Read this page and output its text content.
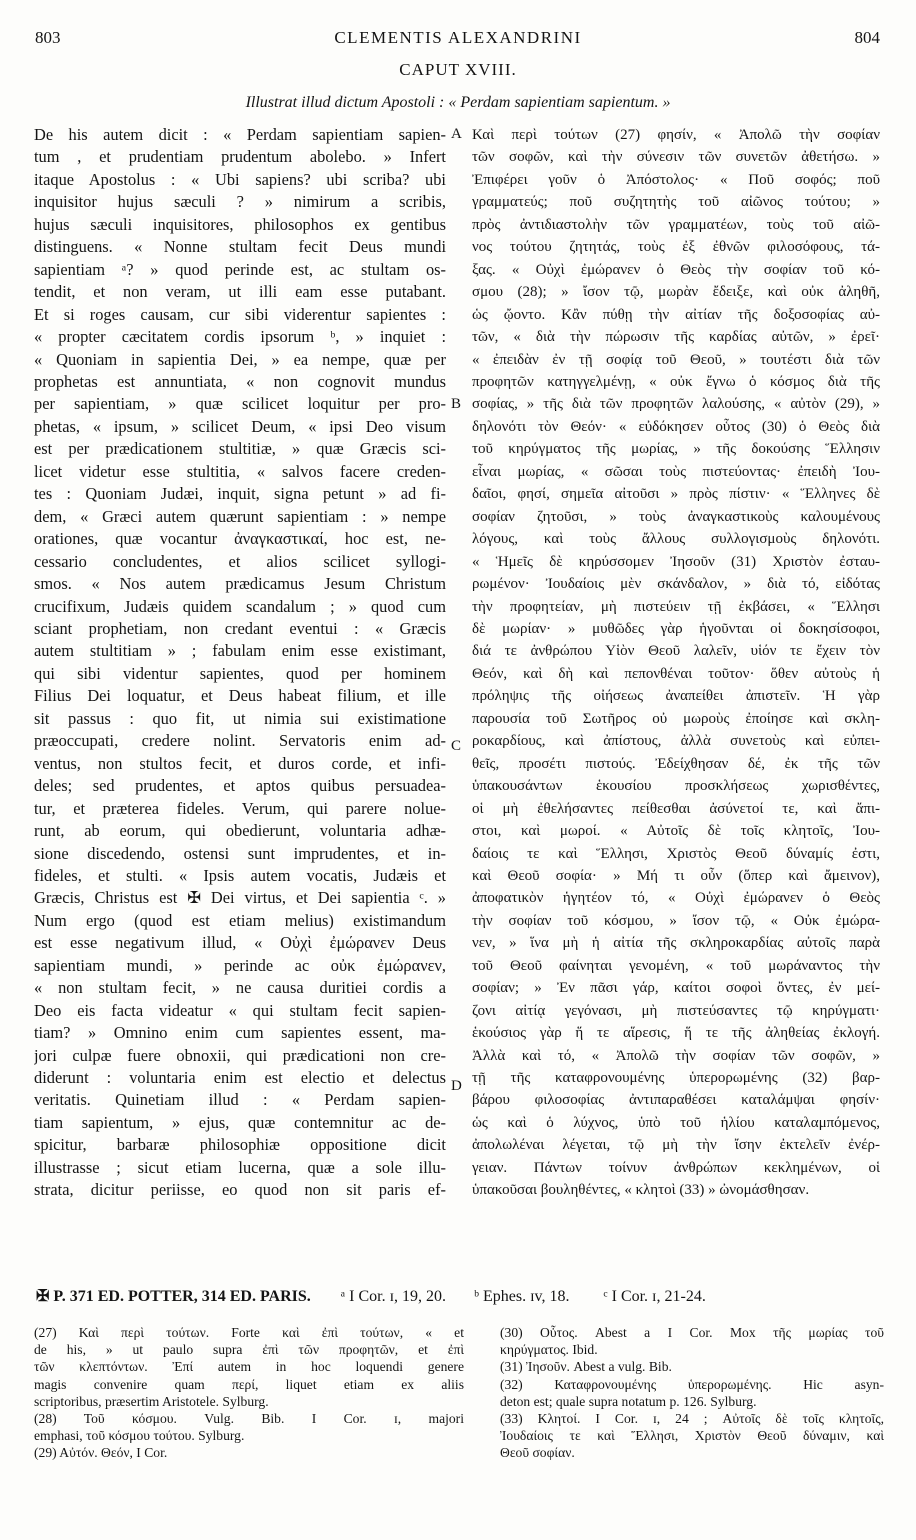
803	CLEMENTIS ALEXANDRINI	804
CAPUT XVIII.
Illustrat illud dictum Apostoli : « Perdam sapientiam sapientum. »
De his autem dicit : « Perdam sapientiam sapien-
tum , et prudentiam prudentum abolebo. » Infert
itaque Apostolus : « Ubi sapiens? ubi scriba? ubi
inquisitor hujus sæculi ? » nimirum a scribis,
hujus sæculi inquisitores, philosophos ex gentibus
distinguens. « Nonne stultam fecit Deus mundi
sapientiam ᵃ? » quod perinde est, ac stultam os-
tendit, et non veram, ut illi eam esse putabant.
Et si roges causam, cur sibi viderentur sapientes :
« propter cæcitatem cordis ipsorum ᵇ, » inquiet :
« Quoniam in sapientia Dei, » ea nempe, quæ per
prophetas est annuntiata, « non cognovit mundus
per sapientiam, » quæ scilicet loquitur per pro-
phetas, « ipsum, » scilicet Deum, « ipsi Deo visum
est per prædicationem stultitiæ, » quæ Græcis sci-
licet videtur esse stultitia, « salvos facere creden-
tes : Quoniam Judæi, inquit, signa petunt » ad fi-
dem, « Græci autem quærunt sapientiam : » nempe
orationes, quæ vocantur ἀναγκαστικαί, hoc est, ne-
cessario concludentes, et alios scilicet syllogi-
smos. « Nos autem prædicamus Jesum Christum
crucifixum, Judæis quidem scandalum ; » quod cum
sciant prophetiam, non credant eventui : « Græcis
autem stultitiam » ; fabulam enim esse existimant,
qui sibi videntur sapientes, quod per hominem
Filius Dei loquatur, et Deus habeat filium, et ille
sit passus : quo fit, ut nimia sui existimatione
præoccupati, credere nolint. Servatoris enim ad-
ventus, non stultos fecit, et duros corde, et infi-
deles; sed prudentes, et aptos quibus persuadea-
tur, et præterea fideles. Verum, qui parere nolue-
runt, ab eorum, qui obedierunt, voluntaria adhæ-
sione discedendo, ostensi sunt imprudentes, et in-
fideles, et stulti. « Ipsis autem vocatis, Judæis et
Græcis, Christus est ✠ Dei virtus, et Dei sapientia ᶜ. »
Num ergo (quod est etiam melius) existimandum
est esse negativum illud, « Οὐχὶ ἐμώρανεν Deus
sapientiam mundi, » perinde ac οὐκ ἐμώρανεν,
« non stultam fecit, » ne causa duritiei cordis a
Deo eis facta videatur « qui stultam fecit sapien-
tiam? » Omnino enim cum sapientes essent, ma-
jori culpæ fuere obnoxii, qui prædicationi non cre-
diderunt : voluntaria enim est electio et delectus
veritatis. Quinetiam illud : « Perdam sapien-
tiam sapientum, » ejus, quæ contemnitur ac de-
spicitur, barbaræ philosophiæ oppositione dicit
illustrasse ; sicut etiam lucerna, quæ a sole illu-
strata, dicitur periisse, eo quod non sit paris ef-
Καὶ περὶ τούτων (27) φησίν, « Ἀπολῶ τὴν σοφίαν
τῶν σοφῶν, καὶ τὴν σύνεσιν τῶν συνετῶν ἀθετήσω. »
Ἐπιφέρει γοῦν ὁ Ἀπόστολος· « Ποῦ σοφός; ποῦ
γραμματεύς; ποῦ συζητητὴς τοῦ αἰῶνος τούτου; »
πρὸς ἀντιδιαστολὴν τῶν γραμματέων, τοὺς τοῦ αἰῶ-
νος τούτου ζητητάς, τοὺς ἐξ ἐθνῶν φιλοσόφους, τά-
ξας. « Οὐχὶ ἐμώρανεν ὁ Θεὸς τὴν σοφίαν τοῦ κό-
σμου (28); » ἴσον τῷ, μωρὰν ἔδειξε, καὶ οὐκ ἀληθῆ,
ὡς ᾤοντο. Κἂν πύθῃ τὴν αἰτίαν τῆς δοξοσοφίας αὐ-
τῶν, « διὰ τὴν πώρωσιν τῆς καρδίας αὐτῶν, » ἐρεῖ·
« ἐπειδὰν ἐν τῇ σοφίᾳ τοῦ Θεοῦ, » τουτέστι διὰ τῶν
προφητῶν κατηγγελμένῃ, « οὐκ ἔγνω ὁ κόσμος διὰ τῆς
σοφίας, » τῆς διὰ τῶν προφητῶν λαλούσης, « αὐτὸν (29), »
δηλονότι τὸν Θεόν· « εὐδόκησεν οὗτος (30) ὁ Θεὸς διὰ
τοῦ κηρύγματος τῆς μωρίας, » τῆς δοκούσης Ἕλλησιν
εἶναι μωρίας, « σῶσαι τοὺς πιστεύοντας· ἐπειδὴ Ἰου-
δαῖοι, φησί, σημεῖα αἰτοῦσι » πρὸς πίστιν· « Ἕλληνες δὲ
σοφίαν ζητοῦσι, » τοὺς ἀναγκαστικοὺς καλουμένους
λόγους, καὶ τοὺς ἄλλους συλλογισμοὺς δηλονότι.
« Ἡμεῖς δὲ κηρύσσομεν Ἰησοῦν (31) Χριστὸν ἐσταυ-
ρωμένον· Ἰουδαίοις μὲν σκάνδαλον, » διὰ τό, εἰδότας
τὴν προφητείαν, μὴ πιστεύειν τῇ ἐκβάσει, « Ἕλλησι
δὲ μωρίαν· » μυθῶδες γὰρ ἡγοῦνται οἱ δοκησίσοφοι,
διά τε ἀνθρώπου Υἱὸν Θεοῦ λαλεῖν, υἱόν τε ἔχειν τὸν
Θεόν, καὶ δὴ καὶ πεπονθέναι τοῦτον· ὅθεν αὐτοὺς ἡ
πρόληψις τῆς οἰήσεως ἀναπείθει ἀπιστεῖν. Ἡ γὰρ
παρουσία τοῦ Σωτῆρος οὐ μωροὺς ἐποίησε καὶ σκλη-
ροκαρδίους, καὶ ἀπίστους, ἀλλὰ συνετοὺς καὶ εὐπει-
θεῖς, προσέτι πιστούς. Ἐδείχθησαν δέ, ἐκ τῆς τῶν
ὑπακουσάντων ἑκουσίου προσκλήσεως χωρισθέντες,
οἱ μὴ ἐθελήσαντες πείθεσθαι ἀσύνετοί τε, καὶ ἄπι-
στοι, καὶ μωροί. « Αὐτοῖς δὲ τοῖς κλητοῖς, Ἰου-
δαίοις τε καὶ Ἕλλησι, Χριστὸς Θεοῦ δύναμίς ἐστι,
καὶ Θεοῦ σοφία· » Μή τι οὖν (ὅπερ καὶ ἄμεινον),
ἀποφατικὸν ἡγητέον τό, « Οὐχὶ ἐμώρανεν ὁ Θεὸς
τὴν σοφίαν τοῦ κόσμου, » ἴσον τῷ, « Οὐκ ἐμώρα-
νεν, » ἵνα μὴ ἡ αἰτία τῆς σκληροκαρδίας αὐτοῖς παρὰ
τοῦ Θεοῦ φαίνηται γενομένη, « τοῦ μωράναντος τὴν
σοφίαν; » Ἐν πᾶσι γάρ, καίτοι σοφοὶ ὄντες, ἐν μεί-
ζονι αἰτίᾳ γεγόνασι, μὴ πιστεύσαντες τῷ κηρύγματι·
ἑκούσιος γὰρ ἥ τε αἵρεσις, ἥ τε τῆς ἀληθείας ἐκλογή.
Ἀλλὰ καὶ τό, « Ἀπολῶ τὴν σοφίαν τῶν σοφῶν, »
τῇ τῆς καταφρονουμένης ὑπερορωμένης (32) βαρ-
βάρου φιλοσοφίας ἀντιπαραθέσει καταλάμψαι φησίν·
ὡς καὶ ὁ λύχνος, ὑπὸ τοῦ ἡλίου καταλαμπόμενος,
ἀπολωλέναι λέγεται, τῷ μὴ τὴν ἴσην ἐκτελεῖν ἐνέρ-
γειαν. Πάντων τοίνυν ἀνθρώπων κεκλημένων, οἱ
ὑπακοῦσαι βουληθέντες, « κλητοὶ (33) » ὠνομάσθησαν.
A
B
C
D
✠ P. 371 ED. POTTER, 314 ED. PARIS. ᵃ I Cor. ɪ, 19, 20. ᵇ Ephes. ɪv, 18. ᶜ I Cor. ɪ, 21-24.

(27) Καὶ περὶ τούτων. Forte καὶ ἐπὶ τούτων, « et

de his, » ut paulo supra ἐπὶ τῶν προφητῶν, et ἐπὶ

τῶν κλεπτόντων. Ἐπί autem in hoc loquendi genere

magis convenire quam περί, liquet etiam ex aliis

scriptoribus, præsertim Aristotele. Sylburg.

(28) Τοῦ κόσμου. Vulg. Bib. I Cor. ɪ, majori

emphasi, τοῦ κόσμου τούτου. Sylburg.

(29) Αὐτόν. Θεόν, I Cor.

(30) Οὗτος. Abest a I Cor. Mox τῆς μωρίας τοῦ

κηρύγματος. Ibid.

(31) Ἰησοῦν. Abest a vulg. Bib.

(32) Καταφρονουμένης ὑπερορωμένης. Hic asyn-

deton est; quale supra notatum p. 126. Sylburg.

(33) Κλητοί. I Cor. ɪ, 24 ; Αὐτοῖς δὲ τοῖς κλητοῖς,

Ἰουδαίοις τε καὶ Ἕλλησι, Χριστὸν Θεοῦ δύναμιν, καὶ

Θεοῦ σοφίαν.
